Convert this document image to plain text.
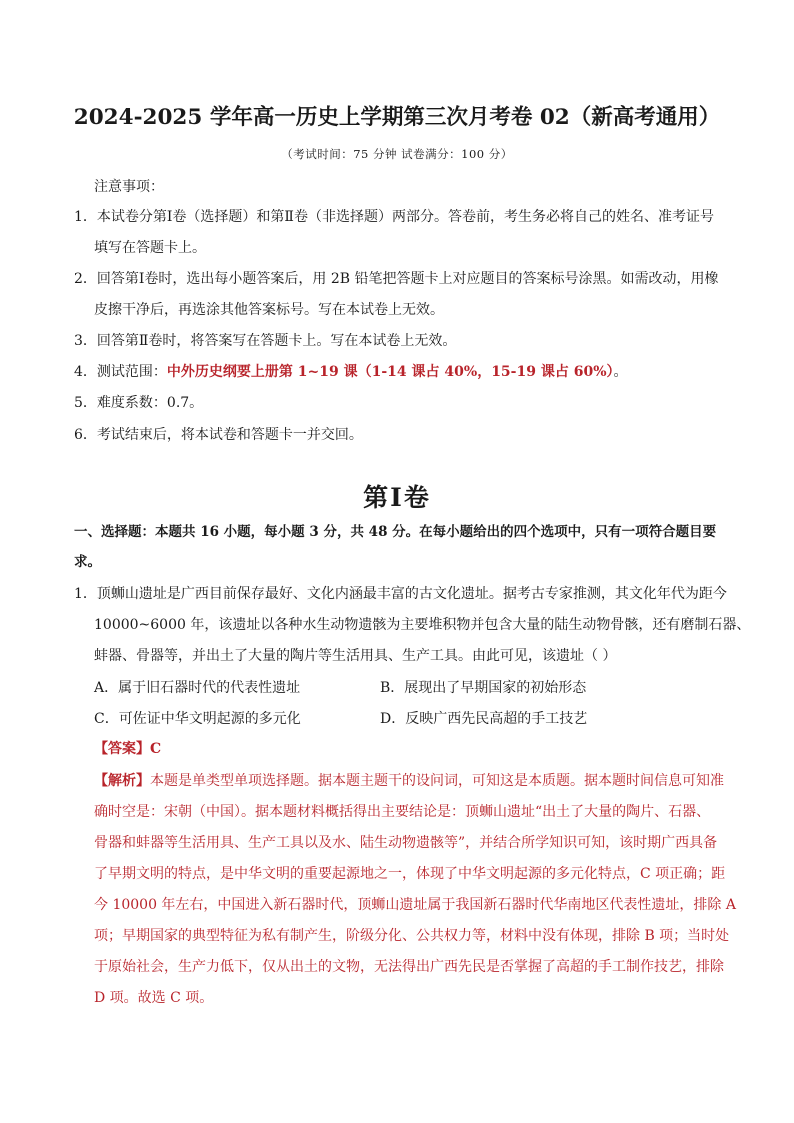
2024-2025 学年高一历史上学期第三次月考卷 02（新高考通用）
（考试时间：75 分钟 试卷满分：100 分）
注意事项：
1．本试卷分第Ⅰ卷（选择题）和第Ⅱ卷（非选择题）两部分。答卷前，考生务必将自己的姓名、准考证号
填写在答题卡上。
2．回答第Ⅰ卷时，选出每小题答案后，用 2B 铅笔把答题卡上对应题目的答案标号涂黑。如需改动，用橡
皮擦干净后，再选涂其他答案标号。写在本试卷上无效。
3．回答第Ⅱ卷时，将答案写在答题卡上。写在本试卷上无效。
4．测试范围：中外历史纲要上册第 1~19 课（1-14 课占 40%，15-19 课占 60%）。
5．难度系数：0.7。
6．考试结束后，将本试卷和答题卡一并交回。
第Ⅰ卷
一、选择题：本题共 16 小题，每小题 3 分，共 48 分。在每小题给出的四个选项中，只有一项符合题目要
求。
1．顶蛳山遗址是广西目前保存最好、文化内涵最丰富的古文化遗址。据考古专家推测，其文化年代为距今
10000~6000 年，该遗址以各种水生动物遗骸为主要堆积物并包含大量的陆生动物骨骸，还有磨制石器、
蚌器、骨器等，并出土了大量的陶片等生活用具、生产工具。由此可见，该遗址（ ）
A．属于旧石器时代的代表性遗址	B．展现出了早期国家的初始形态
C．可佐证中华文明起源的多元化	D．反映广西先民高超的手工技艺
【答案】C
【解析】本题是单类型单项选择题。据本题主题干的设问词，可知这是本质题。据本题时间信息可知准
确时空是：宋朝（中国）。据本题材料概括得出主要结论是：顶蛳山遗址“出土了大量的陶片、石器、
骨器和蚌器等生活用具、生产工具以及水、陆生动物遗骸等”，并结合所学知识可知，该时期广西具备
了早期文明的特点，是中华文明的重要起源地之一，体现了中华文明起源的多元化特点，C 项正确；距
今 10000 年左右，中国进入新石器时代，顶蛳山遗址属于我国新石器时代华南地区代表性遗址，排除 A
项；早期国家的典型特征为私有制产生，阶级分化、公共权力等，材料中没有体现，排除 B 项；当时处
于原始社会，生产力低下，仅从出土的文物，无法得出广西先民是否掌握了高超的手工制作技艺，排除
D 项。故选 C 项。
